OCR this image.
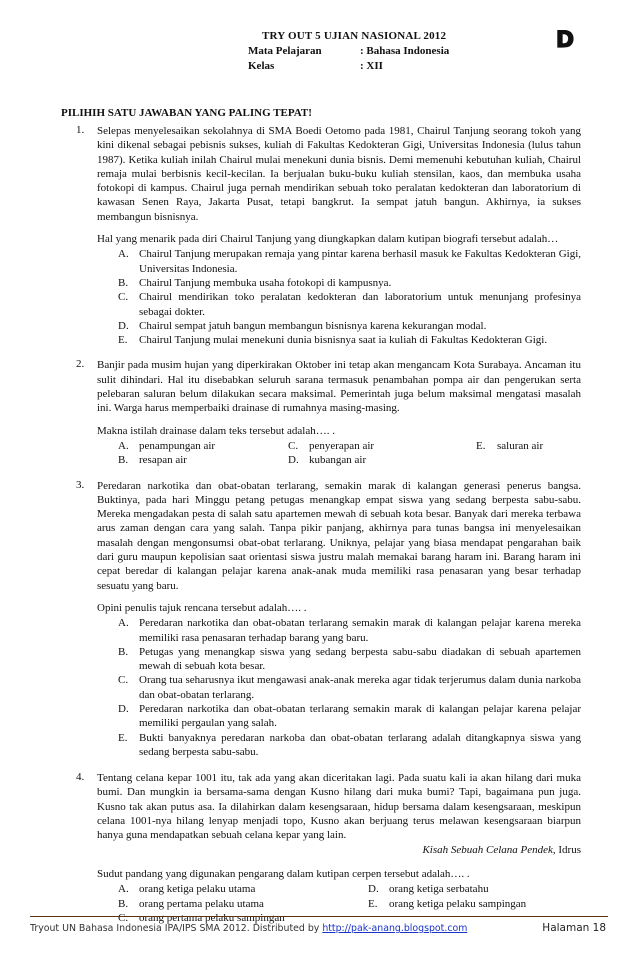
TRY OUT 5 UJIAN NASIONAL 2012
Mata Pelajaran	: Bahasa Indonesia
Kelas	: XII
D
PILIHIH SATU JAWABAN YANG PALING TEPAT!
1. Selepas menyelesaikan sekolahnya di SMA Boedi Oetomo pada 1981, Chairul Tanjung seorang tokoh yang kini dikenal sebagai pebisnis sukses, kuliah di Fakultas Kedokteran Gigi, Universitas Indonesia (lulus tahun 1987). Ketika kuliah inilah Chairul mulai menekuni dunia bisnis. Demi memenuhi kebutuhan kuliah, Chairul remaja mulai berbisnis kecil-kecilan. Ia berjualan buku-buku kuliah stensilan, kaos, dan membuka usaha fotokopi di kampus. Chairul juga pernah mendirikan sebuah toko peralatan kedokteran dan laboratorium di kawasan Senen Raya, Jakarta Pusat, tetapi bangkrut. Ia sempat jatuh bangun. Akhirnya, ia sukses membangun bisnisnya.

Hal yang menarik pada diri Chairul Tanjung yang diungkapkan dalam kutipan biografi tersebut adalah…

A. Chairul Tanjung merupakan remaja yang pintar karena berhasil masuk ke Fakultas Kedokteran Gigi, Universitas Indonesia.
B. Chairul Tanjung membuka usaha fotokopi di kampusnya.
C. Chairul mendirikan toko peralatan kedokteran dan laboratorium untuk menunjang profesinya sebagai dokter.
D. Chairul sempat jatuh bangun membangun bisnisnya karena kekurangan modal.
E. Chairul Tanjung mulai menekuni dunia bisnisnya saat ia kuliah di Fakultas Kedokteran Gigi.
2. Banjir pada musim hujan yang diperkirakan Oktober ini tetap akan mengancam Kota Surabaya. Ancaman itu sulit dihindari. Hal itu disebabkan seluruh sarana termasuk penambahan pompa air dan pengerukan serta pelebaran saluran belum dilakukan secara maksimal. Pemerintah juga belum maksimal mengatasi masalah ini. Warga harus memperbaiki drainase di rumahnya masing-masing.

Makna istilah drainase dalam teks tersebut adalah…. .

A. penampungan air	C. penyerapan air	E. saluran air
B. resapan air	D. kubangan air
3. Peredaran narkotika dan obat-obatan terlarang, semakin marak di kalangan generasi penerus bangsa. Buktinya, pada hari Minggu petang petugas menangkap empat siswa yang sedang berpesta sabu-sabu. Mereka mengadakan pesta di salah satu apartemen mewah di sebuah kota besar. Banyak dari mereka terbawa arus zaman dengan cara yang salah. Tanpa pikir panjang, akhirnya para tunas bangsa ini menyelesaikan masalah dengan mengonsumsi obat-obat terlarang. Uniknya, pelajar yang biasa mendapat pengarahan baik dari guru maupun kepolisian saat orientasi siswa justru malah memakai barang haram ini. Barang haram ini cepat beredar di kalangan pelajar karena anak-anak muda memiliki rasa penasaran yang besar terhadap sesuatu yang baru.

Opini penulis tajuk rencana tersebut adalah…. .

A. Peredaran narkotika dan obat-obatan terlarang semakin marak di kalangan pelajar karena mereka memiliki rasa penasaran terhadap barang yang baru.
B. Petugas yang menangkap siswa yang sedang berpesta sabu-sabu diadakan di sebuah apartemen mewah di sebuah kota besar.
C. Orang tua seharusnya ikut mengawasi anak-anak mereka agar tidak terjerumus dalam dunia narkoba dan obat-obatan terlarang.
D. Peredaran narkotika dan obat-obatan terlarang semakin marak di kalangan pelajar karena pelajar memiliki pergaulan yang salah.
E. Bukti banyaknya peredaran narkoba dan obat-obatan terlarang adalah ditangkapnya siswa yang sedang berpesta sabu-sabu.
4. Tentang celana kepar 1001 itu, tak ada yang akan diceritakan lagi. Pada suatu kali ia akan hilang dari muka bumi. Dan mungkin ia bersama-sama dengan Kusno hilang dari muka bumi? Tapi, bagaimana pun juga. Kusno tak akan putus asa. Ia dilahirkan dalam kesengsaraan, hidup bersama dalam kesengsaraan, meskipun celana 1001-nya hilang lenyap menjadi topo, Kusno akan berjuang terus melawan kesengsaraan biarpun hanya guna mendapatkan sebuah celana kepar yang lain.

Kisah Sebuah Celana Pendek, Idrus

Sudut pandang yang digunakan pengarang dalam kutipan cerpen tersebut adalah…. .

A. orang ketiga pelaku utama	D. orang ketiga serbatahu
B. orang pertama pelaku utama	E. orang ketiga pelaku sampingan
C. orang pertama pelaku sampingan
Tryout UN Bahasa Indonesia IPA/IPS SMA 2012. Distributed by http://pak-anang.blogspot.com	Halaman 18
